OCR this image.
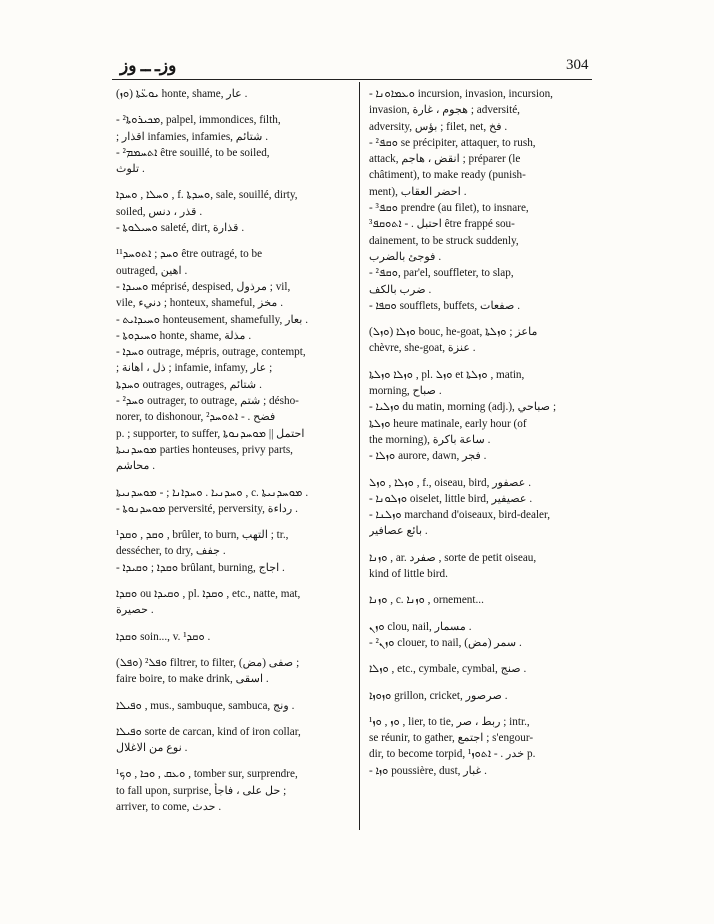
وزـ ــ وز	304
(ܘܙ) ܝܘܥ̈ܬܐ honte, shame, عار .
- ܡܟܝܪܘܬܐ², palpel, immondices, filth,
; اقذار infamies, infamies, شتائم .
- ܐܬܚܡܡ² être souillé, to be soiled,
تلوث .
ܘܚܠܐ , ܘܚܕܐ , f. ܘܚܕܬܐ, sale, souillé, dirty,
soiled, قذر ، دنس .
- ܘܚܝܠܘܬܐ saleté, dirt, قذارة .
¹ܘܚܕ ; ܐܬܘܚܕ¹ être outragé, to be
outraged, اهين .
- ܘܚܝܕܐ méprisé, despised, مرذول ; vil,
vile, دنيء ; honteux, shameful, مخز .
- ܘܚܝܕܐܝܬ honteusement, shamefully, بعار .
- ܘܚܝܕܘܬܐ honte, shame, مذلة .
- ܘܚܕܐ outrage, mépris, outrage, contempt,
; ذل ، اهانة ; infamie, infamy, عار ;
ܘܚܕܬܐ outrages, outrages, شتائم .
- ܘܚܕ² outrager, to outrage, شتم ; désho-
norer, to dishonour, فضح . - ܐܬܘܚܕ²
p. ; supporter, to suffer, احتمل || ܡܘܚܕܢܘܬܐ
ܡܘܚܕܢܝܬܐ parties honteuses, privy parts,
محاشم .
ܘܚܕܢܝܐ . ܘܚܕܐܢܐ ; - ܡܘܚܕܢܝܬܐ , c. ܡܘܚܕܢܝܬܐ .
- ܡܘܚܕܢܘܬܐ perversité, perversity, رداءة .
¹ܘܩܕ , ܘܩܕ , brûler, to burn, التهب ; tr.,
dessécher, to dry, جفف .
- ܘܩܕܐ ; ܘܩܝܕܐ brûlant, burning, اجاج .
ܘܩܕܐ ou ܘܩܝܕܐ , pl. ܘܩܕܐ , etc., natte, mat,
حصيرة .
ܘܩܕܐ soin..., v. ܘܩܕ¹ .
(ܘܦܠ) ܘܦܠ² filtrer, to filter, صفى (مض) ;
faire boire, to make drink, اسقى .
ܘܦܝܠܐ , mus., sambuque, sambuca, ونج .
ܘܦܝܠܐ sorte de carcan, kind of iron collar,
نوع من الاغلال .
¹ܘܥܩ , ܘܟܐ , ܘܟ , tomber sur, surprendre,
to fall upon, surprise, حل على ، فاجأ ;
arriver, to come, حدث .
- ܘܥܡܐܘܢܐ incursion, invasion, incursion,
invasion, هجوم ، غارة ; adversité,
adversity, بؤس ; filet, net, فخ .
- ܘܩܦ² se précipiter, attaquer, to rush,
attack, انقض ، هاجم ; préparer (le
châtiment), to make ready (punish-
ment), احضر العقاب .
- ܘܩܦ³ prendre (au filet), to insnare,
احتبل . - ܐܬܘܩܦ³ être frappé sou-
dainement, to be struck suddenly,
فوجئ بالضرب .
- ܘܩܦ², par'el, souffleter, to slap,
ضرب بالكف .
- ܘܩܦܐ soufflets, buffets, صفعات .
(ܘܙܠ) ܘܙܠܐ bouc, he-goat, ماعز ; ܘܙܠܬܐ
chèvre, she-goat, عنزة .
ܘܙܠܐ ܘܙܠܬܐ , pl. ܘܙܠ et ܘܙܠܬܐ , matin,
morning, صباح .
- ܘܙܠܝܐ du matin, morning (adj.), صباحي ;
ܘܙܠܬܐ heure matinale, early hour (of
the morning), ساعة باكرة .
- ܘܙܠܐ aurore, dawn, فجر .
ܘܙܠܐ , ܘܙܠ , f., oiseau, bird, عصفور .
- ܘܙܠܘܢܐ oiselet, little bird, عصيفير .
- ܘܙܠܢܐ marchand d'oiseaux, bird-dealer,
بائع عصافير .
ܘܙܢܐ , ar. صفرد , sorte de petit oiseau,
kind of little bird.
ܘܙܢܐ , c. ܘܙܢܐ , ornement...
ܘܙܢ clou, nail, مسمار .
- ܘܙܢ² clouer, to nail, سمر (مض) .
ܘܙܠܐ , etc., cymbale, cymbal, صنج .
ܘܙܘܙܐ grillon, cricket, صرصور .
¹ܘܙ , ܘܙ , lier, to tie, ربط ، صر ; intr.,
se réunir, to gather, اجتمع ; s'engour-
dir, to become torpid, خدر . - ܐܬܘܙ¹ p.
- ܘܙܐ poussière, dust, غبار .
